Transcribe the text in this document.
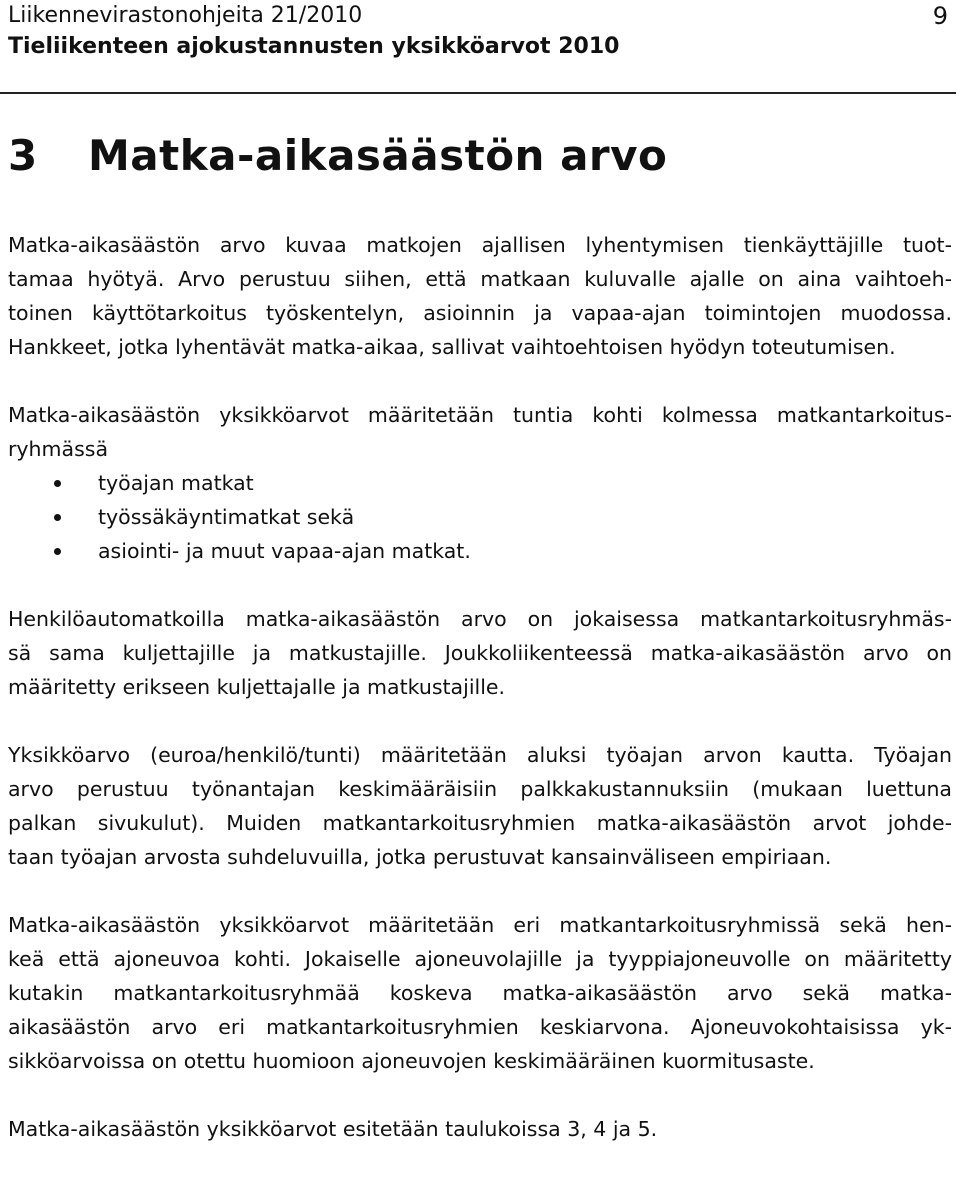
Liikennevirastonohjeita 21/2010
Tieliikenteen ajokustannusten yksikköarvot 2010
9
3 Matka-aikasäästön arvo
Matka-aikasäästön arvo kuvaa matkojen ajallisen lyhentymisen tienkäyttäjille tuot-
tamaa hyötyä. Arvo perustuu siihen, että matkaan kuluvalle ajalle on aina vaihtoeh-
toinen käyttötarkoitus työskentelyn, asioinnin ja vapaa-ajan toimintojen muodossa.
Hankkeet, jotka lyhentävät matka-aikaa, sallivat vaihtoehtoisen hyödyn toteutumisen.
Matka-aikasäästön yksikköarvot määritetään tuntia kohti kolmessa matkantarkoitus-
ryhmässä
työajan matkat
työssäkäyntimatkat sekä
asiointi- ja muut vapaa-ajan matkat.
Henkilöautomatkoilla matka-aikasäästön arvo on jokaisessa matkantarkoitusryhmäs-
sä sama kuljettajille ja matkustajille. Joukkoliikenteessä matka-aikasäästön arvo on
määritetty erikseen kuljettajalle ja matkustajille.
Yksikköarvo (euroa/henkilö/tunti) määritetään aluksi työajan arvon kautta. Työajan
arvo perustuu työnantajan keskimääräisiin palkkakustannuksiin (mukaan luettuna
palkan sivukulut). Muiden matkantarkoitusryhmien matka-aikasäästön arvot johde-
taan työajan arvosta suhdeluvuilla, jotka perustuvat kansainväliseen empiriaan.
Matka-aikasäästön yksikköarvot määritetään eri matkantarkoitusryhmissä sekä hen-
keä että ajoneuvoa kohti. Jokaiselle ajoneuvolajille ja tyyppiajoneuvolle on määritetty
kutakin matkantarkoitusryhmää koskeva matka-aikasäästön arvo sekä matka-
aikasäästön arvo eri matkantarkoitusryhmien keskiarvona. Ajoneuvokohtaisissa yk-
sikköarvoissa on otettu huomioon ajoneuvojen keskimääräinen kuormitusaste.
Matka-aikasäästön yksikköarvot esitetään taulukoissa 3, 4 ja 5.
